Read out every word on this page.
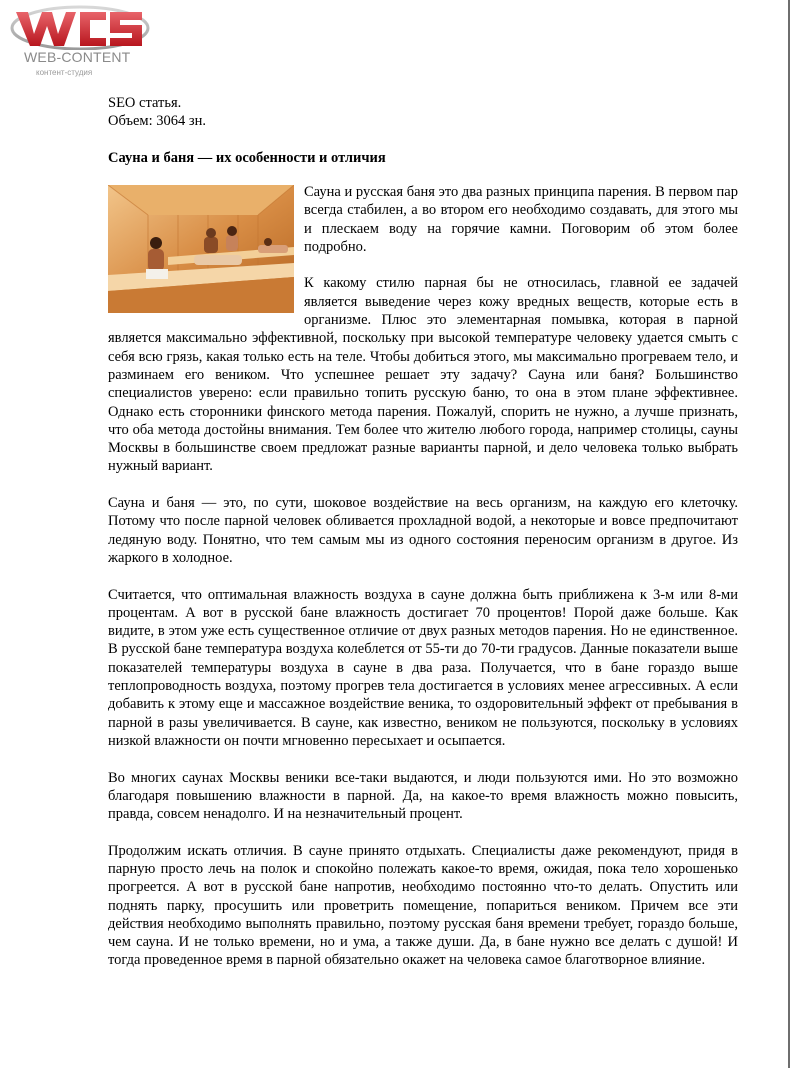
WEB-CONTENT
контент-студия
SEO статья.
Объем: 3064 зн.
Сауна и баня — их особенности и отличия

Сауна и русская баня это два разных принципа парения. В первом пар всегда стабилен, а во втором его необходимо создавать, для этого мы и плескаем воду на горячие камни. Поговорим об этом более подробно.

К какому стилю парная бы не относилась, главной ее задачей является выведение через кожу вредных веществ, которые есть в организме. Плюс это элементарная помывка, которая в парной является максимально эффективной, поскольку при высокой температуре человеку удается смыть с себя всю грязь, какая только есть на теле. Чтобы добиться этого, мы максимально прогреваем тело, и разминаем его веником. Что успешнее решает эту задачу? Сауна или баня? Большинство специалистов уверено: если правильно топить русскую баню, то она в этом плане эффективнее. Однако есть сторонники финского метода парения. Пожалуй, спорить не нужно, а лучше признать, что оба метода достойны внимания. Тем более что жителю любого города, например столицы, сауны Москвы в большинстве своем предложат разные варианты парной, и дело человека только выбрать нужный вариант.

Сауна и баня — это, по сути, шоковое воздействие на весь организм, на каждую его клеточку. Потому что после парной человек обливается прохладной водой, а некоторые и вовсе предпочитают ледяную воду. Понятно, что тем самым мы из одного состояния переносим организм в другое. Из жаркого в холодное.

Считается, что оптимальная влажность воздуха в сауне должна быть приближена к 3-м или 8-ми процентам. А вот в русской бане влажность достигает 70 процентов! Порой даже больше. Как видите, в этом уже есть существенное отличие от двух разных методов парения. Но не единственное. В русской бане температура воздуха колеблется от 55-ти до 70-ти градусов. Данные показатели выше показателей температуры воздуха в сауне в два раза. Получается, что в бане гораздо выше теплопроводность воздуха, поэтому прогрев тела достигается в условиях менее агрессивных. А если добавить к этому еще и массажное воздействие веника, то оздоровительный эффект от пребывания в парной в разы увеличивается. В сауне, как известно, веником не пользуются, поскольку в условиях низкой влажности он почти мгновенно пересыхает и осыпается.

Во многих саунах Москвы веники все-таки выдаются, и люди пользуются ими. Но это возможно благодаря повышению влажности в парной. Да, на какое-то время влажность можно повысить, правда, совсем ненадолго. И на незначительный процент.

Продолжим искать отличия. В сауне принято отдыхать. Специалисты даже рекомендуют, придя в парную просто лечь на полок и спокойно полежать какое-то время, ожидая, пока тело хорошенько прогреется. А вот в русской бане напротив, необходимо постоянно что-то делать. Опустить или поднять парку, просушить или проветрить помещение, попариться веником. Причем все эти действия необходимо выполнять правильно, поэтому русская баня времени требует, гораздо больше, чем сауна. И не только времени, но и ума, а также души. Да, в бане нужно все делать с душой! И тогда проведенное время в парной обязательно окажет на человека самое благотворное влияние.
